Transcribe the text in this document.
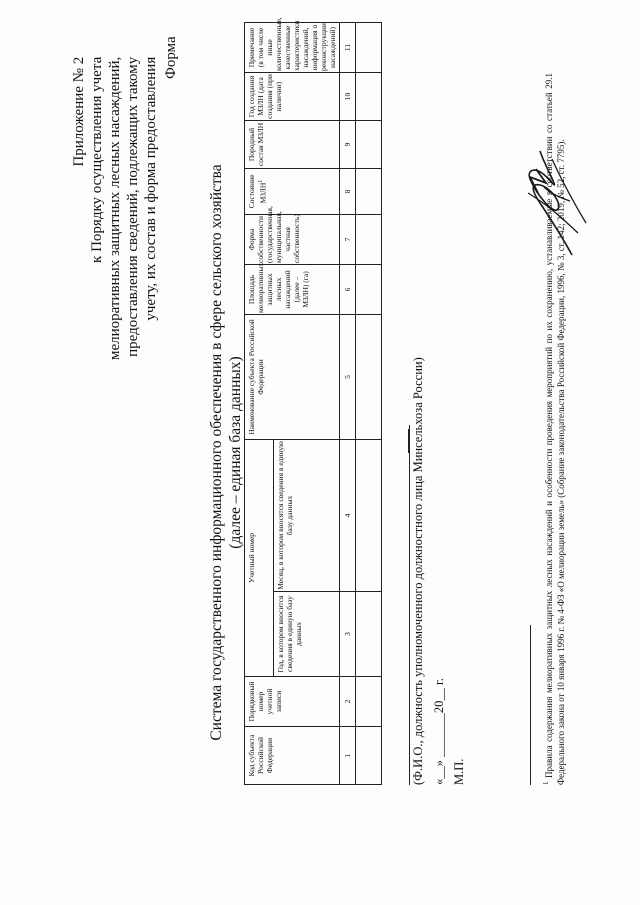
Приложение № 2 к Порядку осуществления учета мелиоративных защитных лесных насаждений, предоставления сведений, подлежащих такому учету, их состав и форма предоставления Форма
Система государственного информационного обеспечения в сфере сельского хозяйства (далее – единая база данных)
Код субъекта Российской Федерации	Порядковый номер учетной записи	Учетный номер		Наименование субъекта Российской Федерации	Площадь мелиоративных защитных лесных насаждений (далее – МЗЛН) (га)	Форма собственности (государственная, муниципальная, частная собственность)	Состояние МЗЛН$^1$	Породный состав МЗЛН	Год создания МЗЛН (дата создания (при наличии)	Примечание (в том числе иные количественные, качественные характеристики насаждений, информация о реконструкции насаждений)
		Год, в котором вносится сведения в единую базу данных	Месяц, в котором вносятся сведения в единую базу данных							
1	2	3	4	5	6	7	8	9	10	11

(Ф.И.О., должность уполномоченного должностного лица Минсельхоза России) «__» _______20__ г. М.П.	$^1$ Правила содержания мелиоративных защитных лесных насаждений и особенности проведения мероприятий по их сохранению, устанавливаемые в соответствии со статьей 29.1 Федерального закона от 10 января 1996 г. № 4-ФЗ «О мелиорации земель» (Собрание законодательства Российской Федерации, 1996, № 3, ст. 142; 2019, № 52, ст. 7795).
